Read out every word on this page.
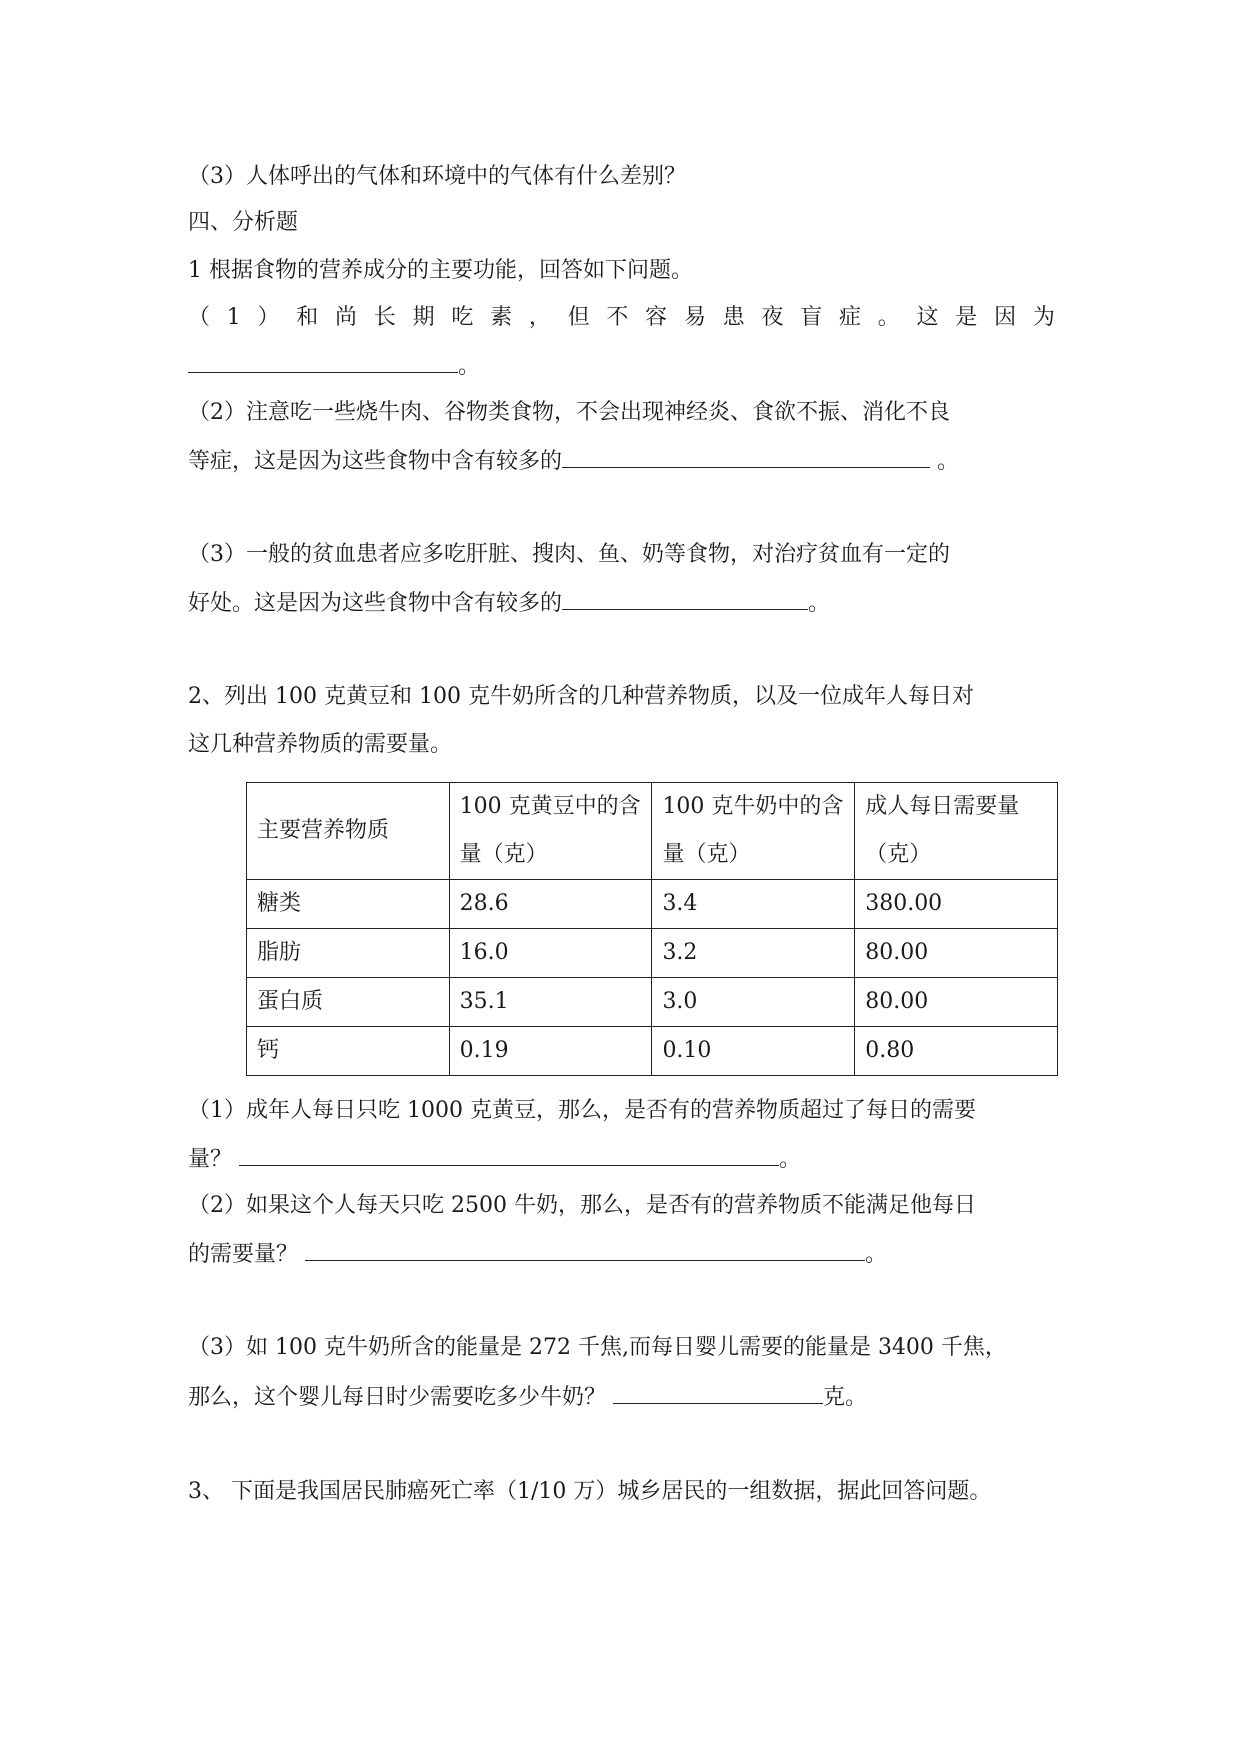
（3）人体呼出的气体和环境中的气体有什么差别？
四、分析题
1 根据食物的营养成分的主要功能，回答如下问题。
（ 1 ） 和 尚 长 期 吃 素 ， 但 不 容 易 患 夜 盲 症 。 这 是 因 为
。
（2）注意吃一些烧牛肉、谷物类食物，不会出现神经炎、食欲不振、消化不良
等症，这是因为这些食物中含有较多的	。
（3）一般的贫血患者应多吃肝脏、搜肉、鱼、奶等食物，对治疗贫血有一定的
好处。这是因为这些食物中含有较多的	。
2、列出 100 克黄豆和 100 克牛奶所含的几种营养物质，以及一位成年人每日对
这几种营养物质的需要量。
主要营养物质	100 克黄豆中的含量（克）	100 克牛奶中的含量（克）	成人每日需要量（克）
糖类	28.6	3.4	380.00
脂肪	16.0	3.2	80.00
蛋白质	35.1	3.0	80.00
钙	0.19	0.10	0.80
（1）成年人每日只吃 1000 克黄豆，那么，是否有的营养物质超过了每日的需要
量？	。
（2）如果这个人每天只吃 2500 牛奶，那么，是否有的营养物质不能满足他每日
的需要量？	。
（3）如 100 克牛奶所含的能量是 272 千焦,而每日婴儿需要的能量是 3400 千焦，
那么，这个婴儿每日时少需要吃多少牛奶？	克。
3、 下面是我国居民肺癌死亡率（1/10 万）城乡居民的一组数据，据此回答问题。
